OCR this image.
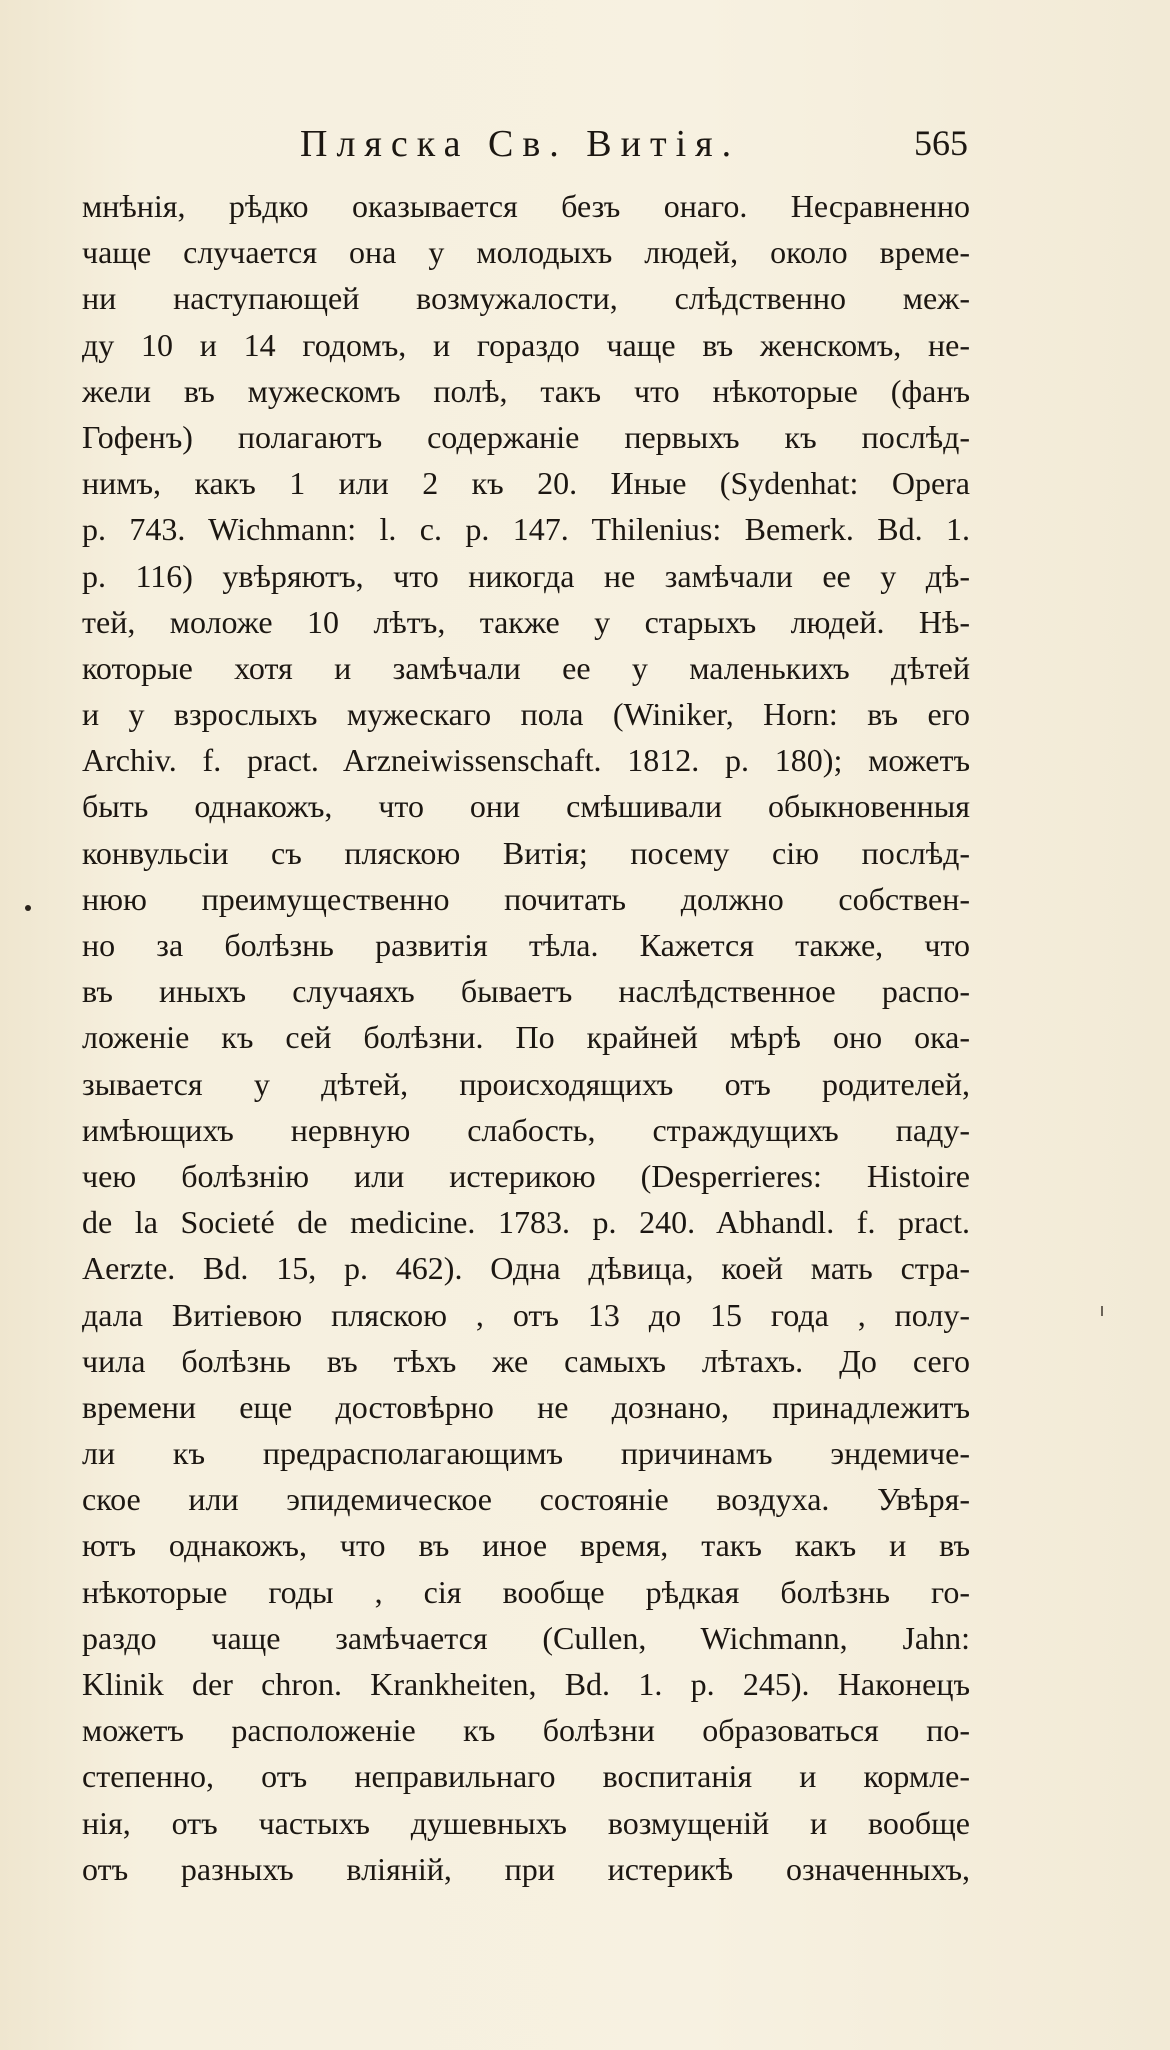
Пляска Св. Витія.	565
мнѣнія, рѣдко оказывается безъ онаго. Несравненно
чаще случается она у молодыхъ людей, около време-
ни наступающей возмужалости, слѣдственно меж-
ду 10 и 14 годомъ, и гораздо чаще въ женскомъ, не-
жели въ мужескомъ полѣ, такъ что нѣкоторые (фанъ
Гофенъ) полагаютъ содержаніе первыхъ къ послѣд-
нимъ, какъ 1 или 2 къ 20. Иные (Sydenhat: Opera
p. 743. Wichmann: l. c. p. 147. Thilenius: Bemerk. Bd. 1.
p. 116) увѣряютъ, что никогда не замѣчали ее у дѣ-
тей, моложе 10 лѣтъ, также у старыхъ людей. Нѣ-
которые хотя и замѣчали ее у маленькихъ дѣтей
и у взрослыхъ мужескаго пола (Winiker, Horn: въ его
Archiv. f. pract. Arzneiwissenschaft. 1812. p. 180); можетъ
быть однакожъ, что они смѣшивали обыкновенныя
конвульсіи съ пляскою Витія; посему сію послѣд-
нюю преимущественно почитать должно собствен-
но за болѣзнь развитія тѣла. Кажется также, что
въ иныхъ случаяхъ бываетъ наслѣдственное распо-
ложеніе къ сей болѣзни. По крайней мѣрѣ оно ока-
зывается у дѣтей, происходящихъ отъ родителей,
имѣющихъ нервную слабость, страждущихъ паду-
чею болѣзнію или истерикою (Desperrieres: Histoire
de la Societé de medicine. 1783. p. 240. Abhandl. f. pract.
Aerzte. Bd. 15, p. 462). Одна дѣвица, коей мать стра-
дала Витіевою пляскою , отъ 13 до 15 года , полу-
чила болѣзнь въ тѣхъ же самыхъ лѣтахъ. До сего
времени еще достовѣрно не дознано, принадлежитъ
ли къ предрасполагающимъ причинамъ эндемиче-
ское или эпидемическое состояніе воздуха. Увѣря-
ютъ однакожъ, что въ иное время, такъ какъ и въ
нѣкоторые годы , сія вообще рѣдкая болѣзнь го-
раздо чаще замѣчается (Cullen, Wichmann, Jahn:
Klinik der chron. Krankheiten, Bd. 1. p. 245). Наконецъ
можетъ расположеніе къ болѣзни образоваться по-
степенно, отъ неправильнаго воспитанія и кормле-
нія, отъ частыхъ душевныхъ возмущеній и вообще
отъ разныхъ вліяній, при истерикѣ означенныхъ,
